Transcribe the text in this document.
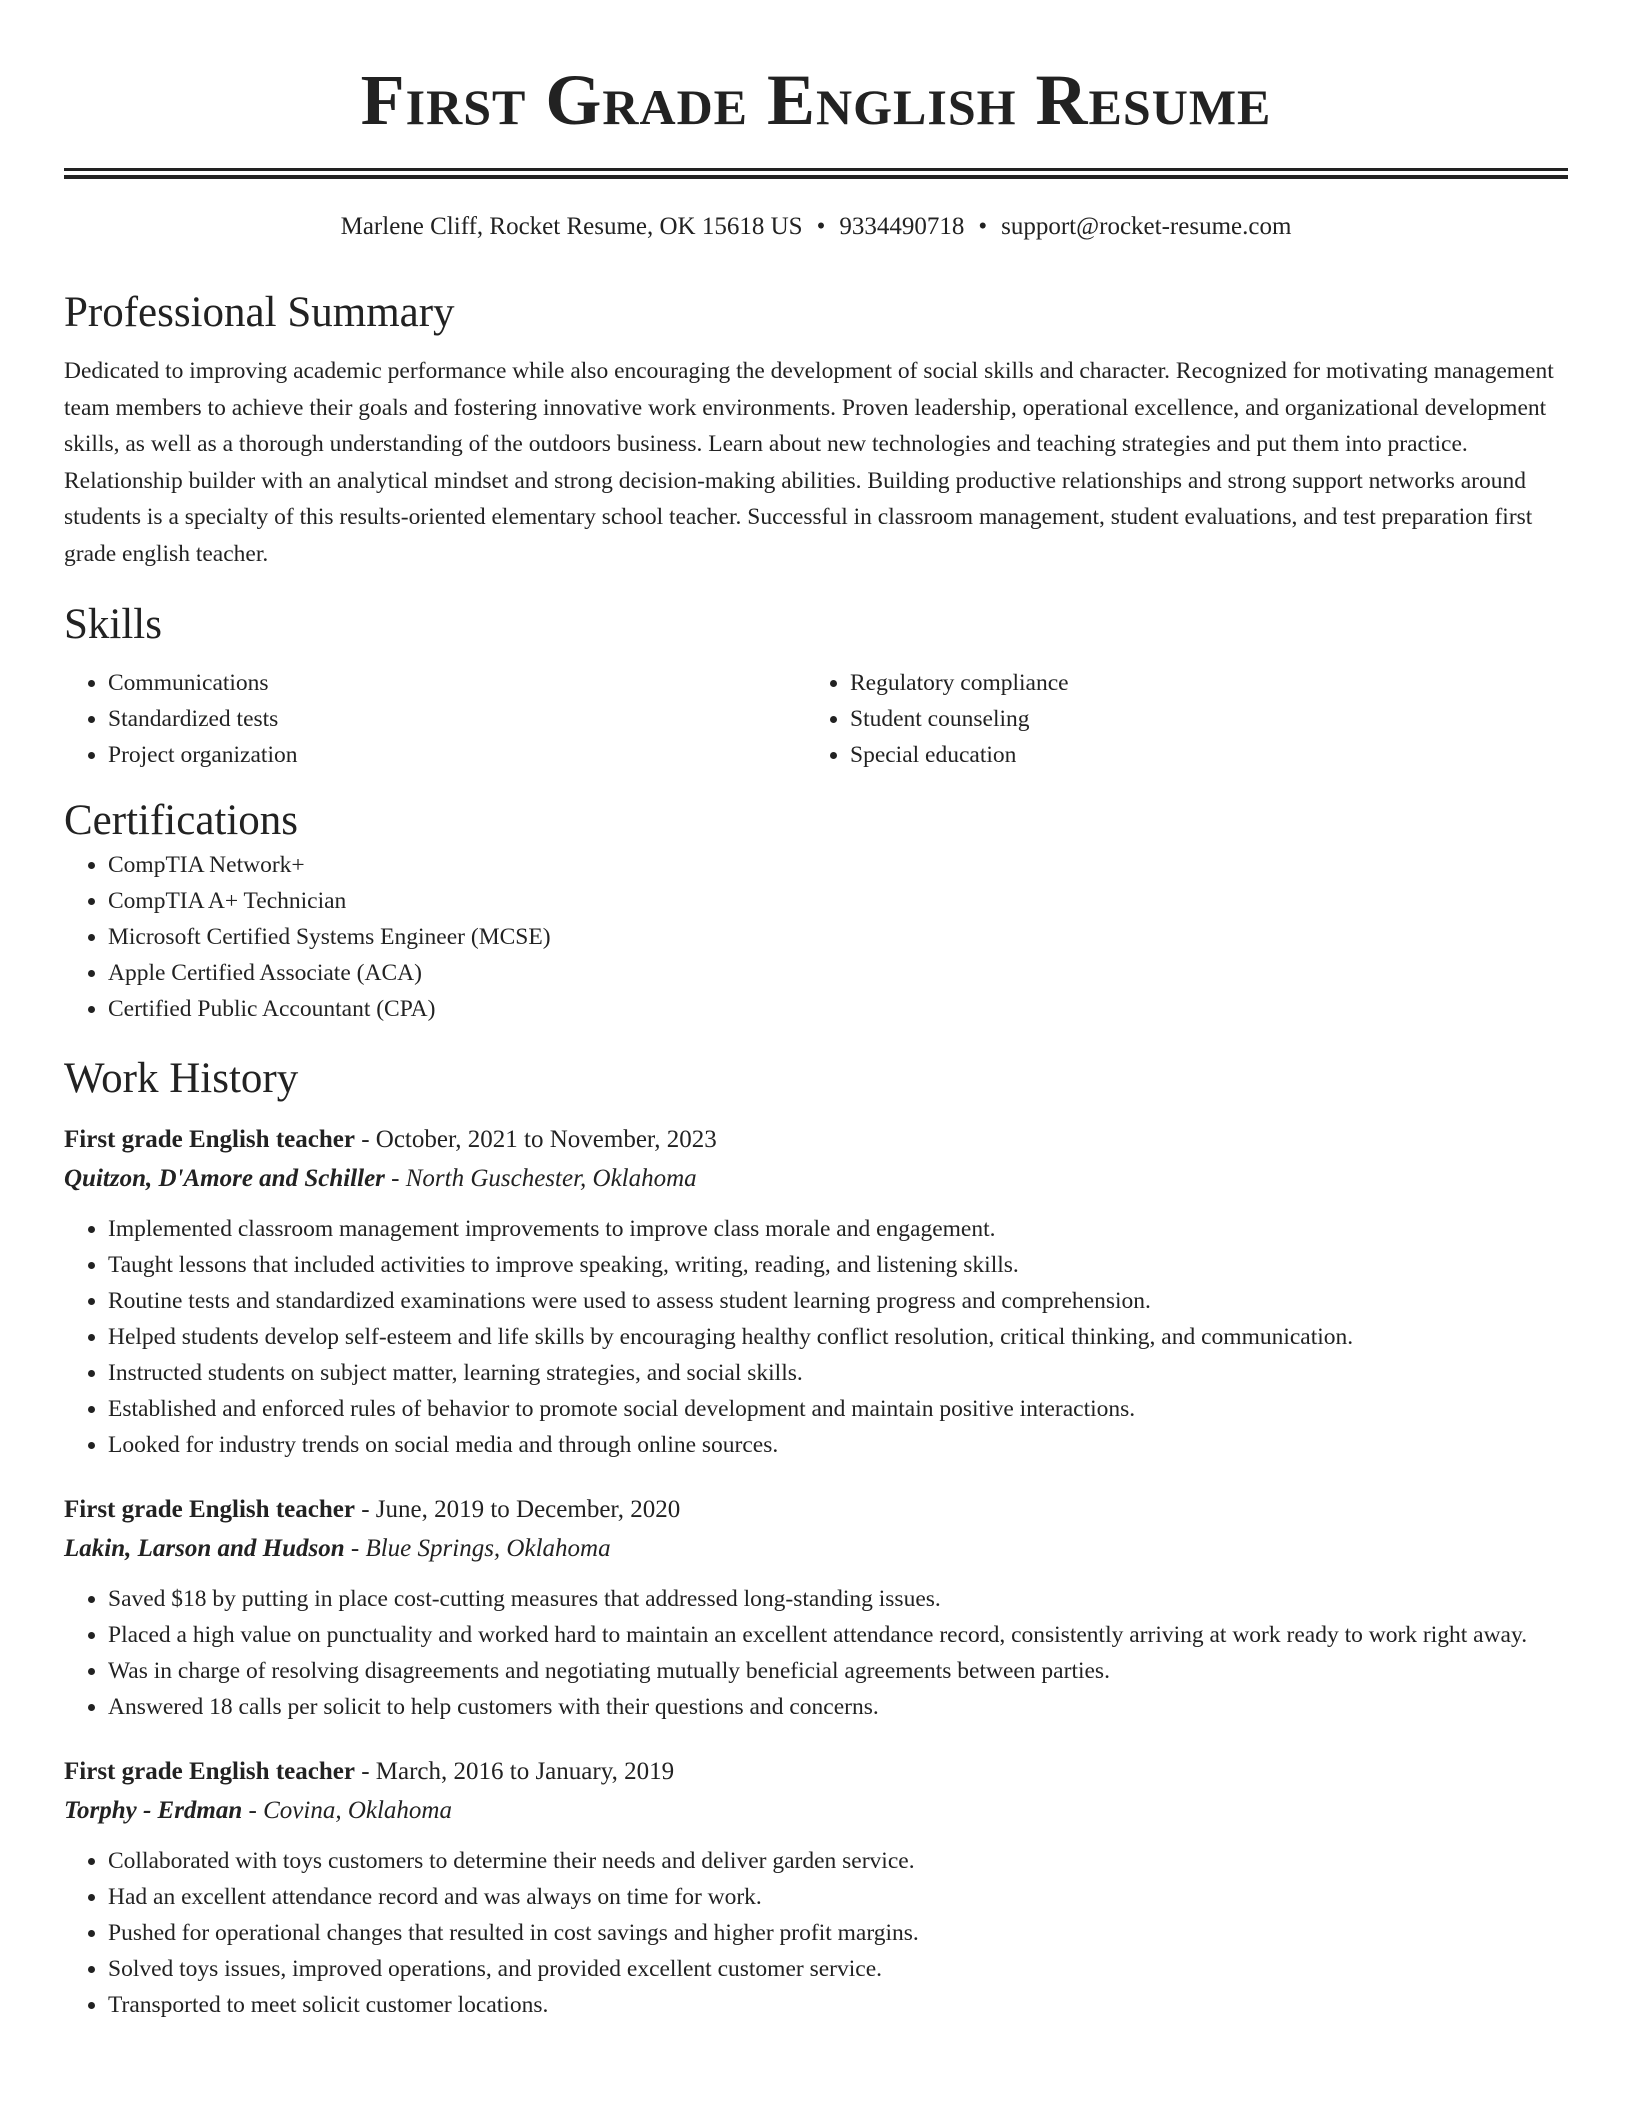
First Grade English Resume
Marlene Cliff, Rocket Resume, OK 15618 US • 9334490718 • support@rocket-resume.com
Professional Summary

Dedicated to improving academic performance while also encouraging the development of social skills and character. Recognized for motivating management team members to achieve their goals and fostering innovative work environments. Proven leadership, operational excellence, and organizational development skills, as well as a thorough understanding of the outdoors business. Learn about new technologies and teaching strategies and put them into practice. Relationship builder with an analytical mindset and strong decision-making abilities. Building productive relationships and strong support networks around students is a specialty of this results-oriented elementary school teacher. Successful in classroom management, student evaluations, and test preparation first grade english teacher.

Skills
• Communications
• Standardized tests
• Project organization
• Regulatory compliance
• Student counseling
• Special education
Certifications
• CompTIA Network+
• CompTIA A+ Technician
• Microsoft Certified Systems Engineer (MCSE)
• Apple Certified Associate (ACA)
• Certified Public Accountant (CPA)
Work History
First grade English teacher - October, 2021 to November, 2023
Quitzon, D'Amore and Schiller - North Guschester, Oklahoma
• Implemented classroom management improvements to improve class morale and engagement.
• Taught lessons that included activities to improve speaking, writing, reading, and listening skills.
• Routine tests and standardized examinations were used to assess student learning progress and comprehension.
• Helped students develop self-esteem and life skills by encouraging healthy conflict resolution, critical thinking, and communication.
• Instructed students on subject matter, learning strategies, and social skills.
• Established and enforced rules of behavior to promote social development and maintain positive interactions.
• Looked for industry trends on social media and through online sources.
First grade English teacher - June, 2019 to December, 2020
Lakin, Larson and Hudson - Blue Springs, Oklahoma
• Saved $18 by putting in place cost-cutting measures that addressed long-standing issues.
• Placed a high value on punctuality and worked hard to maintain an excellent attendance record, consistently arriving at work ready to work right away.
• Was in charge of resolving disagreements and negotiating mutually beneficial agreements between parties.
• Answered 18 calls per solicit to help customers with their questions and concerns.
First grade English teacher - March, 2016 to January, 2019
Torphy - Erdman - Covina, Oklahoma
• Collaborated with toys customers to determine their needs and deliver garden service.
• Had an excellent attendance record and was always on time for work.
• Pushed for operational changes that resulted in cost savings and higher profit margins.
• Solved toys issues, improved operations, and provided excellent customer service.
• Transported to meet solicit customer locations.
